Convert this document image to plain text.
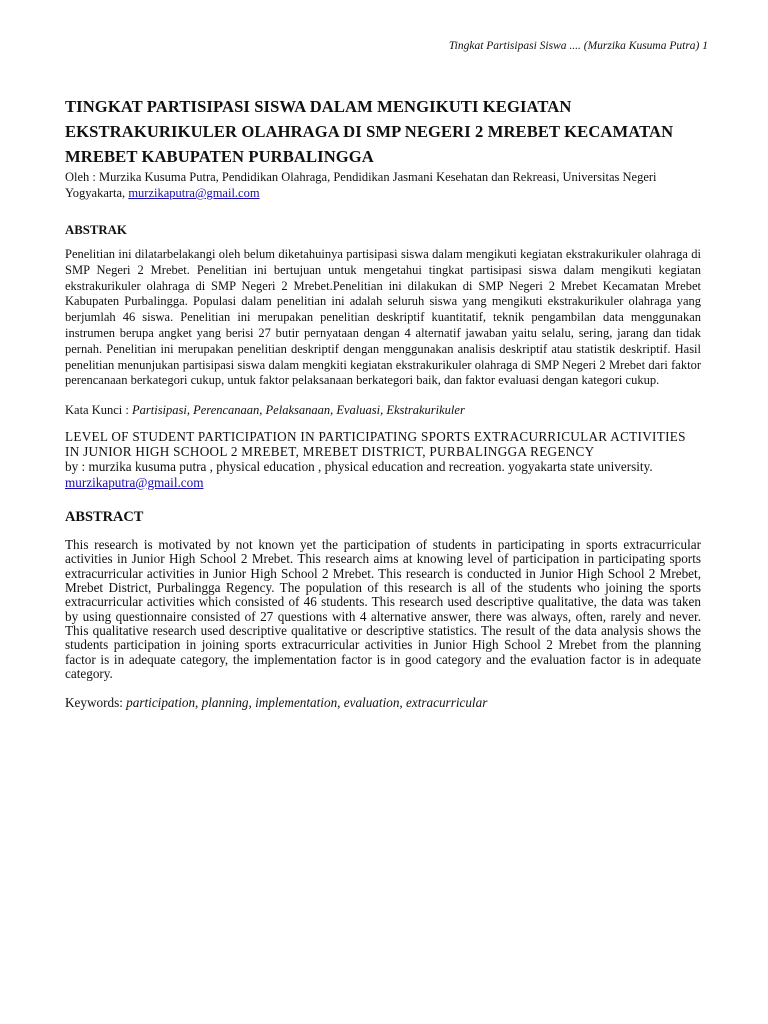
Tingkat Partisipasi Siswa .... (Murzika Kusuma Putra) 1
TINGKAT PARTISIPASI SISWA DALAM MENGIKUTI KEGIATAN EKSTRAKURIKULER OLAHRAGA DI SMP NEGERI 2 MREBET KECAMATAN MREBET KABUPATEN PURBALINGGA

Oleh : Murzika Kusuma Putra, Pendidikan Olahraga, Pendidikan Jasmani Kesehatan dan Rekreasi, Universitas Negeri Yogyakarta, murzikaputra@gmail.com

ABSTRAK

Penelitian ini dilatarbelakangi oleh belum diketahuinya partisipasi siswa dalam mengikuti kegiatan ekstrakurikuler olahraga di SMP Negeri 2 Mrebet. Penelitian ini bertujuan untuk mengetahui tingkat partisipasi siswa dalam mengikuti kegiatan ekstrakurikuler olahraga di SMP Negeri 2 Mrebet.Penelitian ini dilakukan di SMP Negeri 2 Mrebet Kecamatan Mrebet Kabupaten Purbalingga. Populasi dalam penelitian ini adalah seluruh siswa yang mengikuti ekstrakurikuler olahraga yang berjumlah 46 siswa. Penelitian ini merupakan penelitian deskriptif kuantitatif, teknik pengambilan data menggunakan instrumen berupa angket yang berisi 27 butir pernyataan dengan 4 alternatif jawaban yaitu selalu, sering, jarang dan tidak pernah. Penelitian ini merupakan penelitian deskriptif dengan menggunakan analisis deskriptif atau statistik deskriptif. Hasil penelitian menunjukan partisipasi siswa dalam mengkiti kegiatan ekstrakurikuler olahraga di SMP Negeri 2 Mrebet dari faktor perencanaan berkategori cukup, untuk faktor pelaksanaan berkategori baik, dan faktor evaluasi dengan kategori cukup.

Kata Kunci : Partisipasi, Perencanaan, Pelaksanaan, Evaluasi, Ekstrakurikuler

LEVEL OF STUDENT PARTICIPATION IN PARTICIPATING SPORTS EXTRACURRICULAR ACTIVITIES IN JUNIOR HIGH SCHOOL 2 MREBET, MREBET DISTRICT, PURBALINGGA REGENCY

by : murzika kusuma putra , physical education , physical education and recreation. yogyakarta state university. murzikaputra@gmail.com

ABSTRACT

This research is motivated by not known yet the participation of students in participating in sports extracurricular activities in Junior High School 2 Mrebet. This research aims at knowing level of participation in participating sports extracurricular activities in Junior High School 2 Mrebet. This research is conducted in Junior High School 2 Mrebet, Mrebet District, Purbalingga Regency. The population of this research is all of the students who joining the sports extracurricular activities which consisted of 46 students. This research used descriptive qualitative, the data was taken by using questionnaire consisted of 27 questions with 4 alternative answer, there was always, often, rarely and never. This qualitative research used descriptive qualitative or descriptive statistics. The result of the data analysis shows the students participation in joining sports extracurricular activities in Junior High School 2 Mrebet from the planning factor is in adequate category, the implementation factor is in good category and the evaluation factor is in adequate category.

Keywords: participation, planning, implementation, evaluation, extracurricular
